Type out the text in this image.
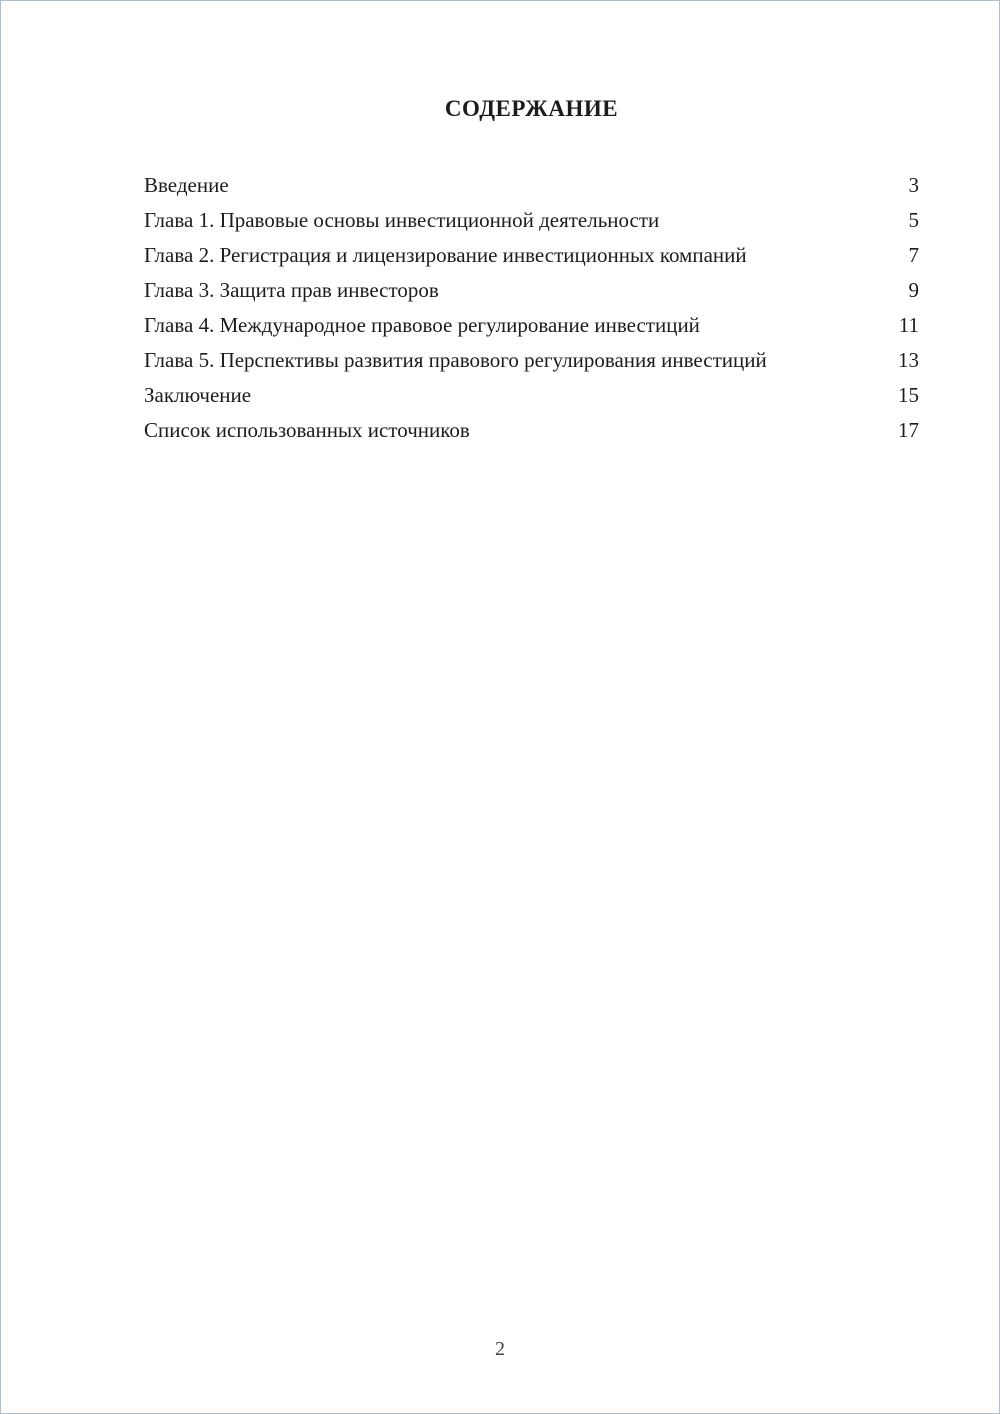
СОДЕРЖАНИЕ
Введение	3
Глава 1. Правовые основы инвестиционной деятельности	5
Глава 2. Регистрация и лицензирование инвестиционных компаний	7
Глава 3. Защита прав инвесторов	9
Глава 4. Международное правовое регулирование инвестиций	11
Глава 5. Перспективы развития правового регулирования инвестиций	13
Заключение	15
Список использованных источников	17
2
